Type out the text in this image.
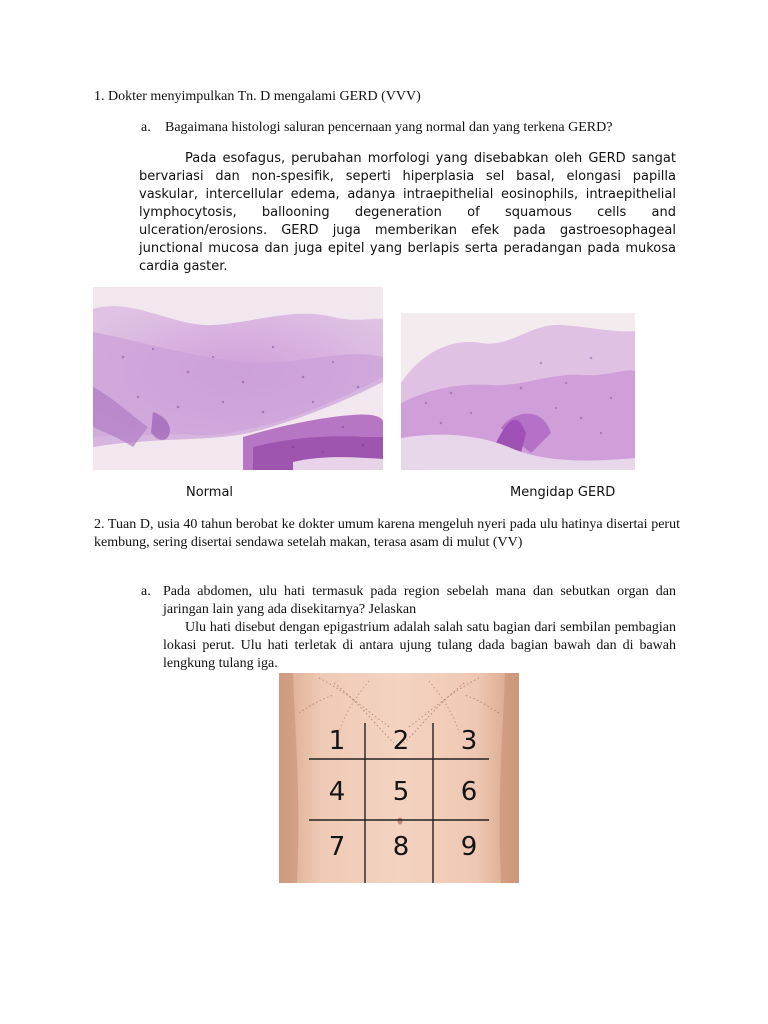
1. Dokter menyimpulkan Tn. D mengalami GERD (VVV)
a. Bagaimana histologi saluran pencernaan yang normal dan yang terkena GERD?
Pada esofagus, perubahan morfologi yang disebabkan oleh GERD sangat bervariasi dan non-spesifik, seperti hiperplasia sel basal, elongasi papilla vaskular, intercellular edema, adanya intraepithelial eosinophils, intraepithelial lymphocytosis, ballooning degeneration of squamous cells and ulceration/erosions. GERD juga memberikan efek pada gastroesophageal junctional mucosa dan juga epitel yang berlapis serta peradangan pada mukosa cardia gaster.
Normal	Mengidap GERD
2. Tuan D, usia 40 tahun berobat ke dokter umum karena mengeluh nyeri pada ulu hatinya disertai perut kembung, sering disertai sendawa setelah makan, terasa asam di mulut (VV)
a. Pada abdomen, ulu hati termasuk pada region sebelah mana dan sebutkan organ dan jaringan lain yang ada disekitarnya? Jelaskan
Ulu hati disebut dengan epigastrium adalah salah satu bagian dari sembilan pembagian lokasi perut. Ulu hati terletak di antara ujung tulang dada bagian bawah dan di bawah lengkung tulang iga.
1 2 3
4 5 6
7 8 9
